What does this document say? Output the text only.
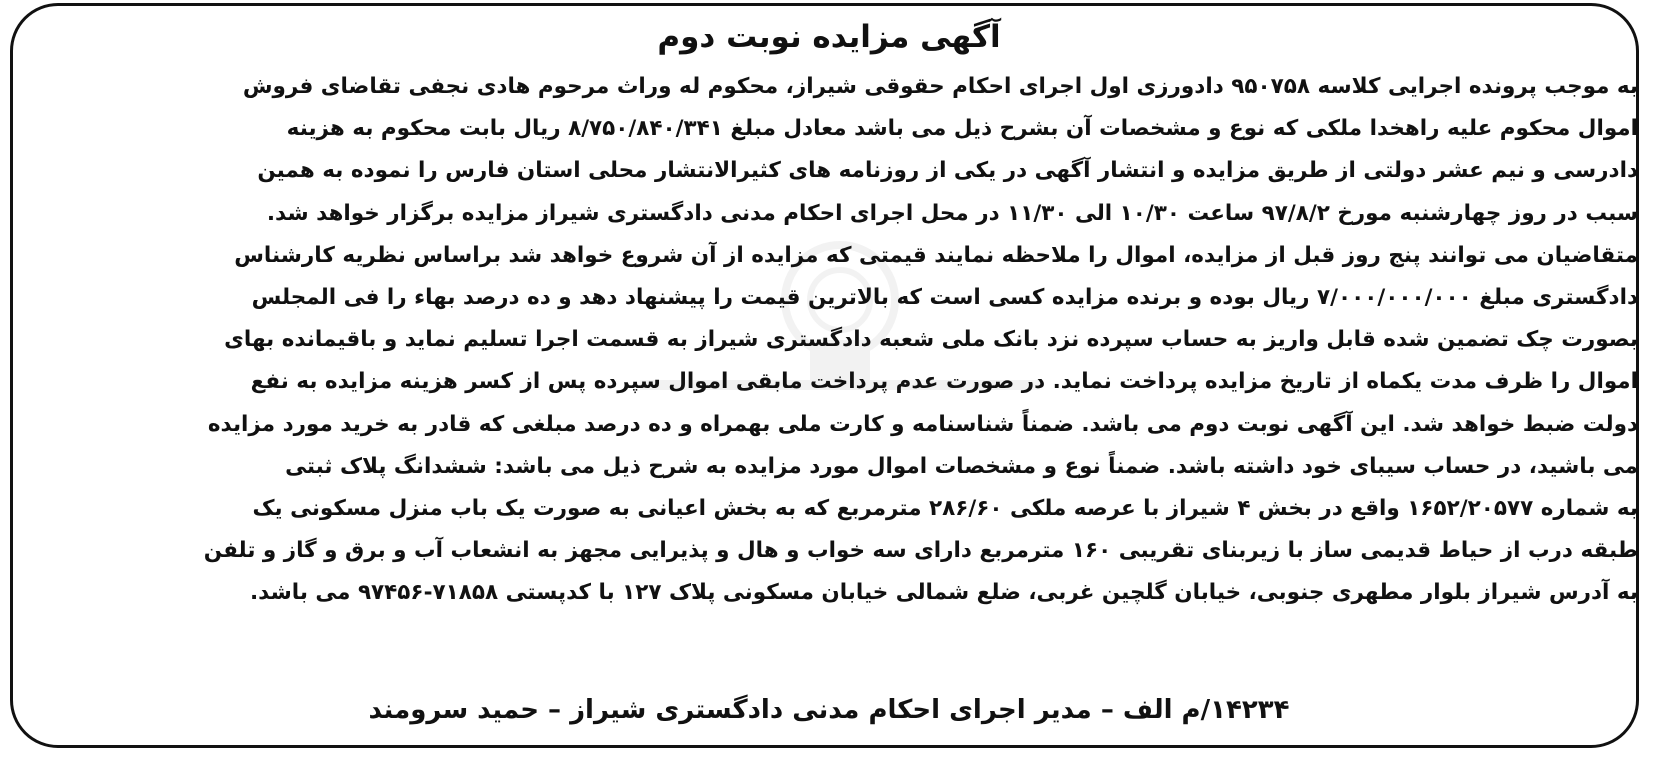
آگهی مزایده نوبت دوم
به موجب پرونده اجرایی کلاسه ۹۵۰۷۵۸ دادورزی اول اجرای احکام حقوقی شیراز، محکوم له وراث مرحوم هادی نجفی تقاضای فروش
اموال محکوم علیه راهخدا ملکی که نوع و مشخصات آن بشرح ذیل می باشد معادل مبلغ ۸/۷۵۰/۸۴۰/۳۴۱ ریال بابت محکوم به هزینه
دادرسی و نیم عشر دولتی از طریق مزایده و انتشار آگهی در یکی از روزنامه های کثیرالانتشار محلی استان فارس را نموده به همین
سبب در روز چهارشنبه مورخ ۹۷/۸/۲ ساعت ۱۰/۳۰ الی ۱۱/۳۰ در محل اجرای احکام مدنی دادگستری شیراز مزایده برگزار خواهد شد.
متقاضیان می توانند پنج روز قبل از مزایده، اموال را ملاحظه نمایند قیمتی که مزایده از آن شروع خواهد شد براساس نظریه کارشناس
دادگستری مبلغ ۷/۰۰۰/۰۰۰/۰۰۰ ریال بوده و برنده مزایده کسی است که بالاترین قیمت را پیشنهاد دهد و ده درصد بهاء را فی المجلس
بصورت چک تضمین شده قابل واریز به حساب سپرده نزد بانک ملی شعبه دادگستری شیراز به قسمت اجرا تسلیم نماید و باقیمانده بهای
اموال را ظرف مدت یکماه از تاریخ مزایده پرداخت نماید. در صورت عدم پرداخت مابقی اموال سپرده پس از کسر هزینه مزایده به نفع
دولت ضبط خواهد شد. این آگهی نوبت دوم می باشد. ضمناً شناسنامه و کارت ملی بهمراه و ده درصد مبلغی که قادر به خرید مورد مزایده
می باشید، در حساب سیبای خود داشته باشد. ضمناً نوع و مشخصات اموال مورد مزایده به شرح ذیل می باشد: ششدانگ پلاک ثبتی
به شماره ۱۶۵۲/۲۰۵۷۷ واقع در بخش ۴ شیراز با عرصه ملکی ۲۸۶/۶۰ مترمربع که به بخش اعیانی به صورت یک باب منزل مسکونی یک
طبقه درب از حیاط قدیمی ساز با زیربنای تقریبی ۱۶۰ مترمربع دارای سه خواب و هال و پذیرایی مجهز به انشعاب آب و برق و گاز و تلفن
به آدرس شیراز بلوار مطهری جنوبی، خیابان گلچین غربی، ضلع شمالی خیابان مسکونی پلاک ۱۲۷ با کدپستی ۷۱۸۵۸-۹۷۴۵۶ می باشد.
۱۴۲۳۴/م الف – مدیر اجرای احکام مدنی دادگستری شیراز – حمید سرومند
